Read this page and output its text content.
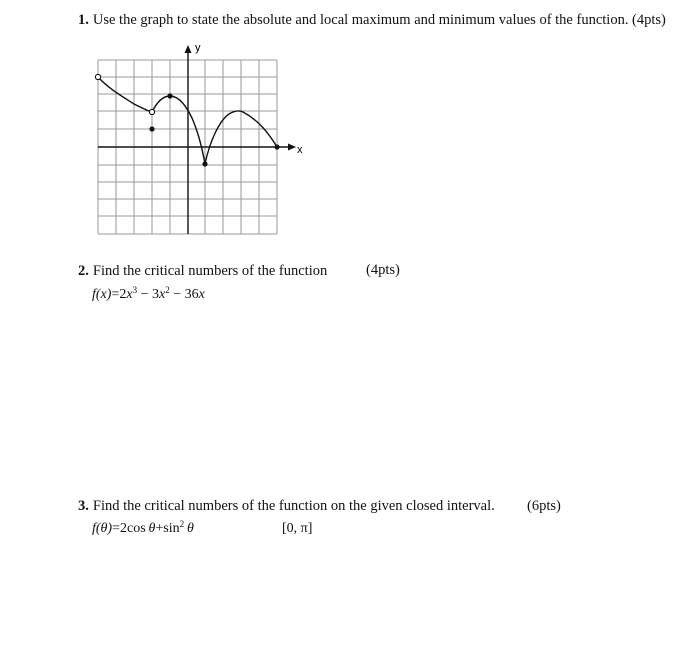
1. Use the graph to state the absolute and local maximum and minimum values of the function. (4pts)
x
y
2. Find the critical numbers of the function	(4pts)
$f(x)=2x^3 - 3x^2 - 36x$
3. Find the critical numbers of the function on the given closed interval. (6pts)
f(θ)=2cos  $\theta+\sin^2$  θ	[0, π]
